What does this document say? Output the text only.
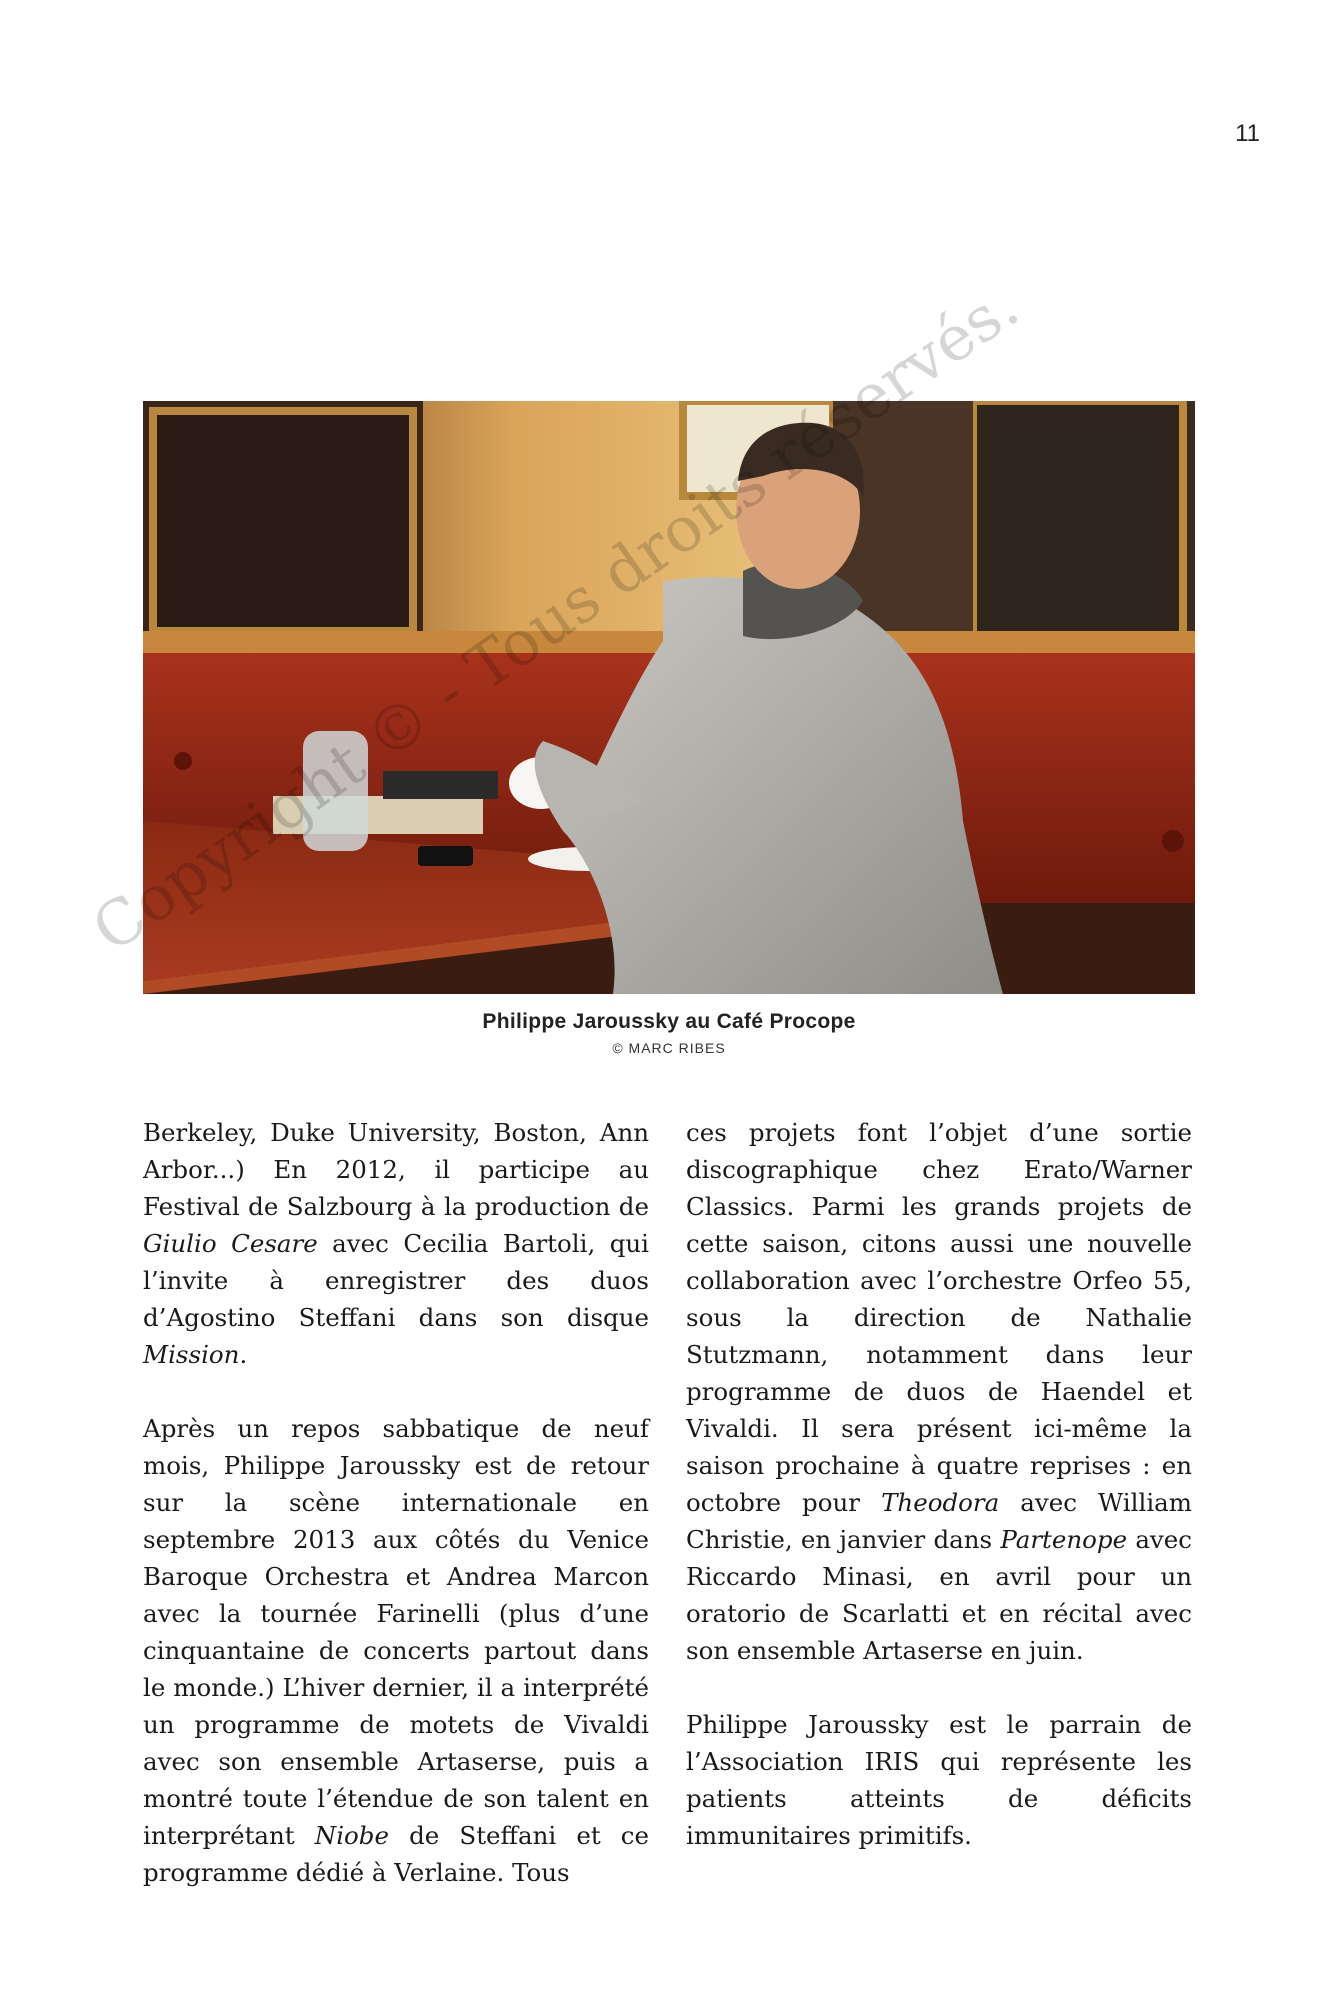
11
Philippe Jaroussky au Café Procope
© MARC RIBES
réservés.

Berkeley, Duke University, Boston, Ann Arbor...) En 2012, il participe au Festival de Salzbourg à la production de Giulio Cesare avec Cecilia Bartoli, qui l’invite à enregistrer des duos d’Agostino Steffani dans son disque Mission.

Après un repos sabbatique de neuf mois, Philippe Jaroussky est de retour sur la scène internationale en septembre 2013 aux côtés du Venice Baroque Orchestra et Andrea Marcon avec la tournée Farinelli (plus d’une cinquantaine de concerts partout dans le monde.) L’hiver dernier, il a interprété un programme de motets de Vivaldi avec son ensemble Artaserse, puis a montré toute l’étendue de son talent en interprétant Niobe de Steffani et ce programme dédié à Verlaine. Tous

ces projets font l’objet d’une sortie discographique chez Erato/Warner Classics. Parmi les grands projets de cette saison, citons aussi une nouvelle collaboration avec l’orchestre Orfeo 55, sous la direction de Nathalie Stutzmann, notamment dans leur programme de duos de Haendel et Vivaldi. Il sera présent ici-même la saison prochaine à quatre reprises : en octobre pour Theodora avec William Christie, en janvier dans Partenope avec Riccardo Minasi, en avril pour un oratorio de Scarlatti et en récital avec son ensemble Artaserse en juin.

Philippe Jaroussky est le parrain de l’Association IRIS qui représente les patients atteints de déficits immunitaires primitifs.
